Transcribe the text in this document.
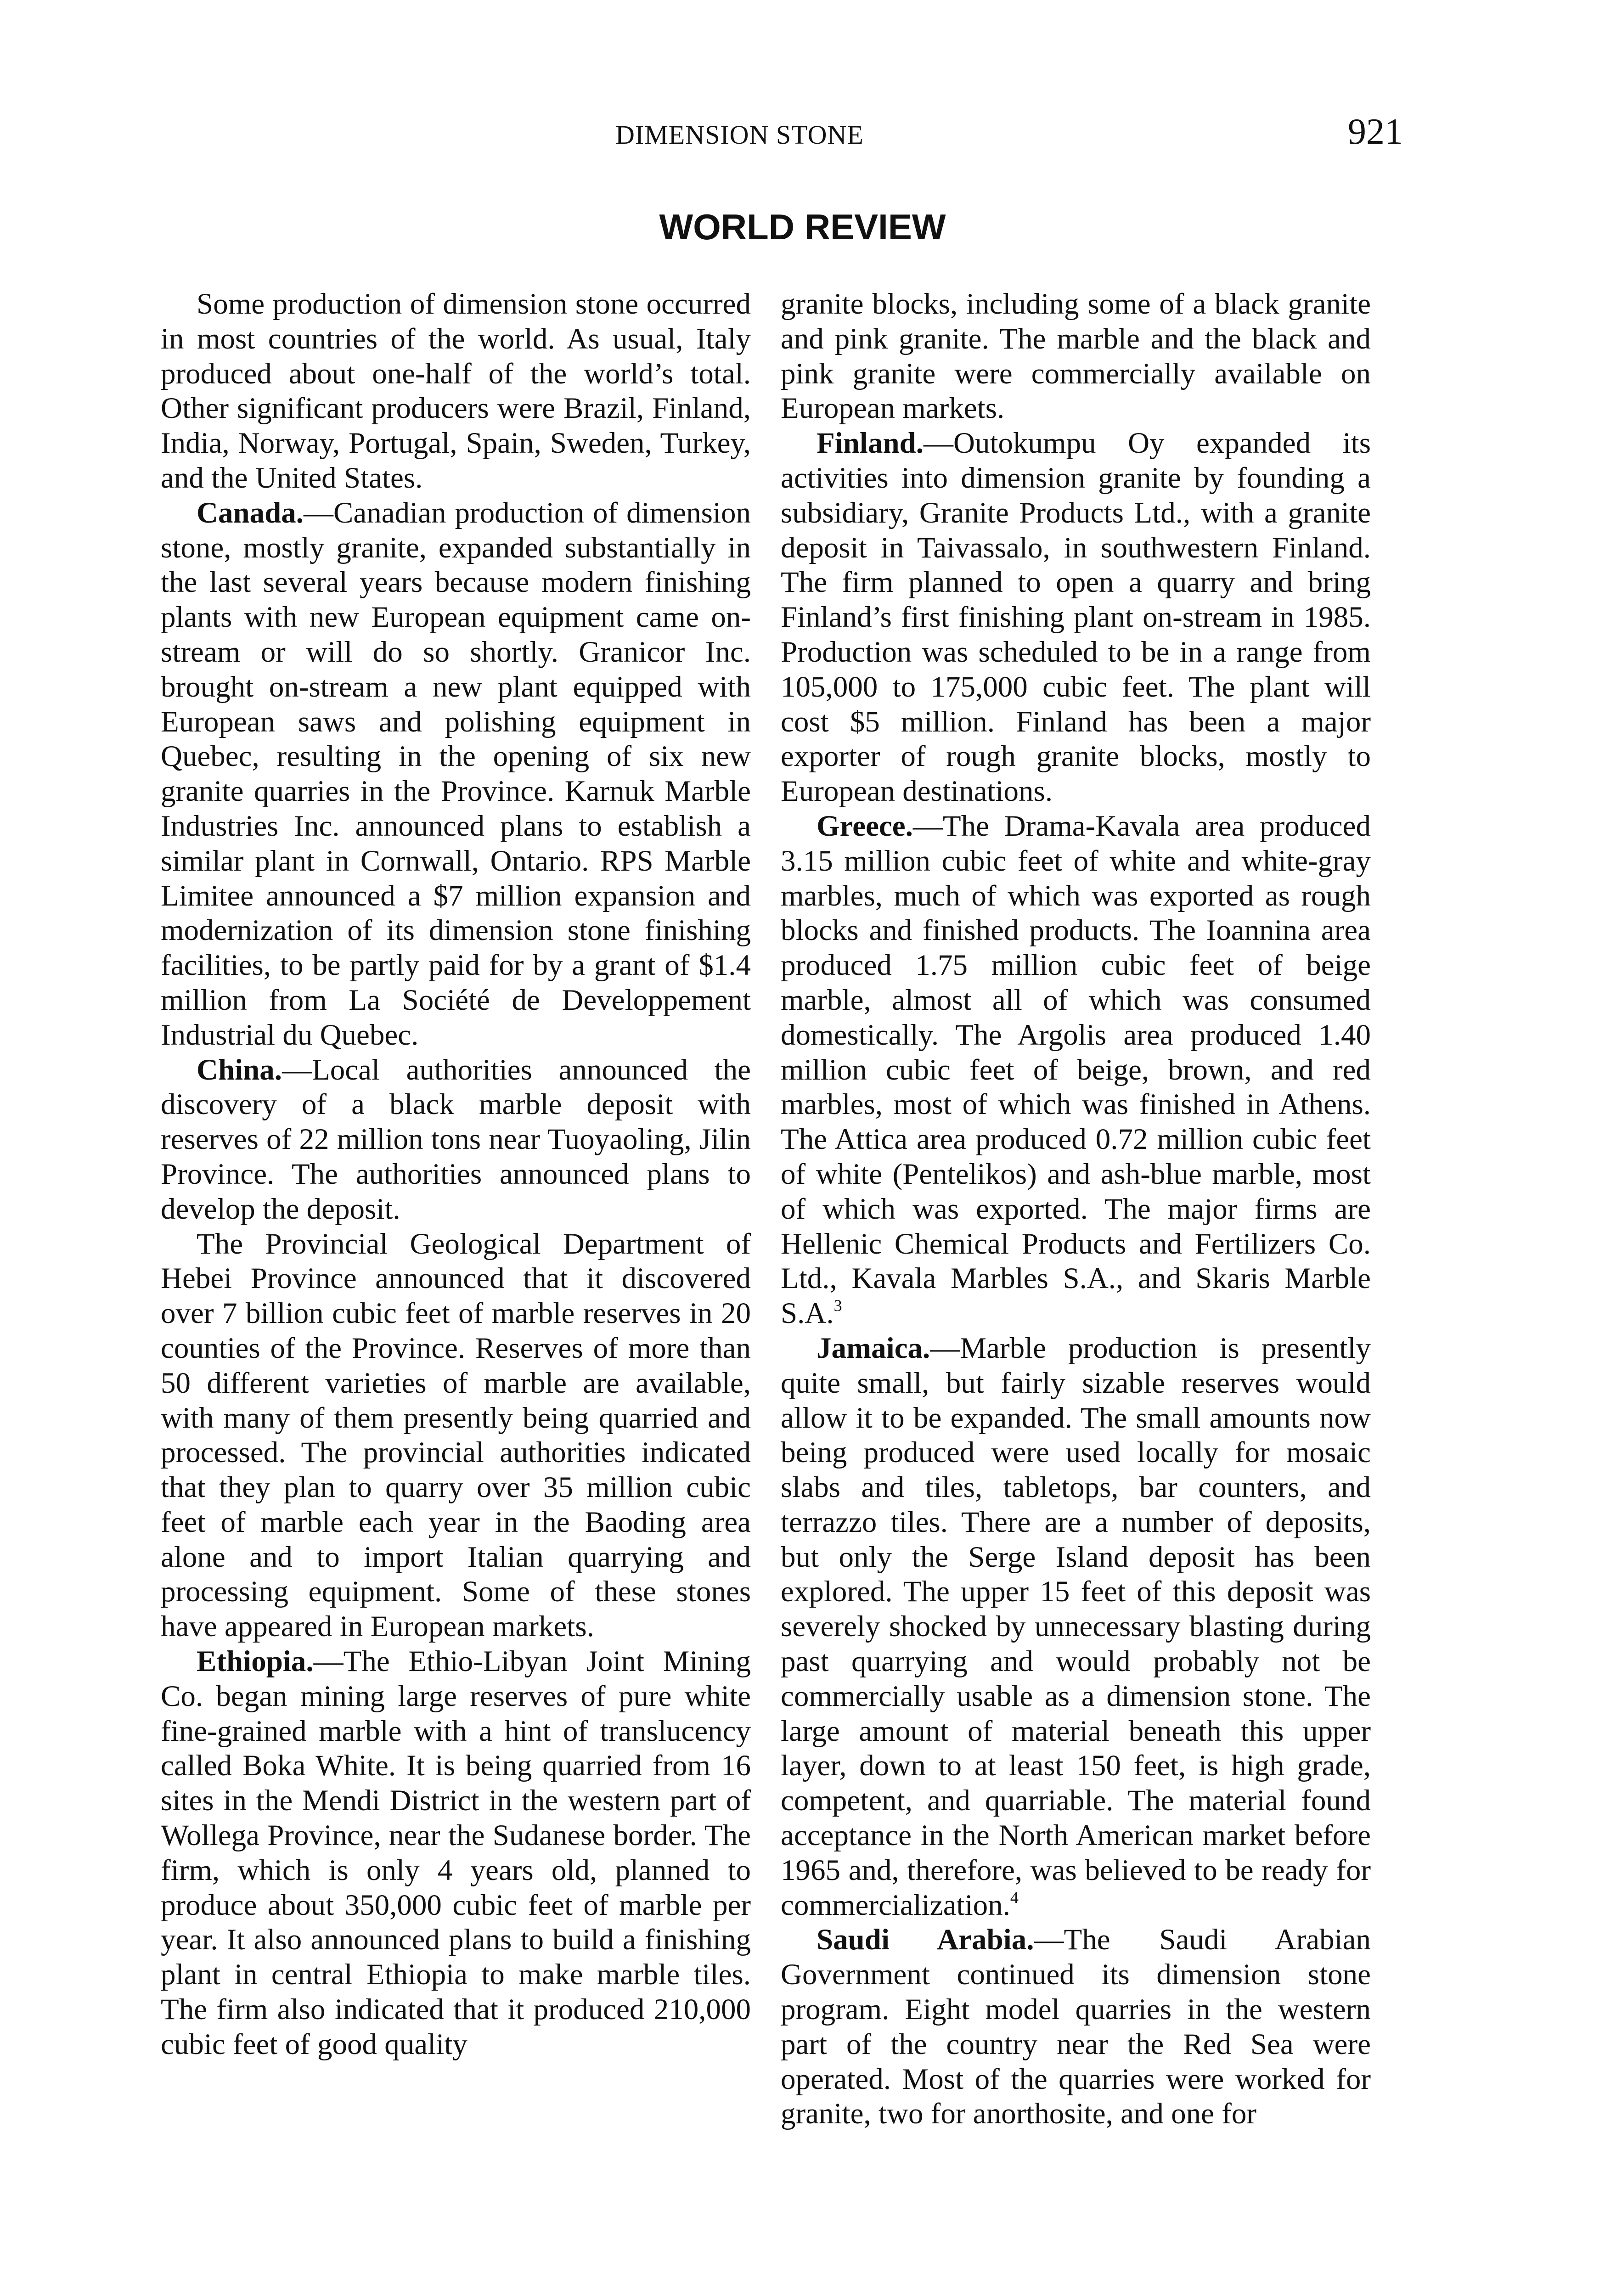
DIMENSION STONE	921
WORLD REVIEW

Some production of dimension stone occurred in most countries of the world. As usual, Italy produced about one-half of the world’s total. Other significant producers were Brazil, Finland, India, Norway, Portugal, Spain, Sweden, Turkey, and the United States.

Canada.—Canadian production of dimension stone, mostly granite, expanded substantially in the last several years because modern finishing plants with new European equipment came on-stream or will do so shortly. Granicor Inc. brought on-stream a new plant equipped with European saws and polishing equipment in Quebec, resulting in the opening of six new granite quarries in the Province. Karnuk Marble Industries Inc. announced plans to establish a similar plant in Cornwall, Ontario. RPS Marble Limitee announced a $7 million expansion and modernization of its dimension stone finishing facilities, to be partly paid for by a grant of $1.4 million from La Société de Developpement Industrial du Quebec.

China.—Local authorities announced the discovery of a black marble deposit with reserves of 22 million tons near Tuoyaoling, Jilin Province. The authorities announced plans to develop the deposit.

The Provincial Geological Department of Hebei Province announced that it discovered over 7 billion cubic feet of marble reserves in 20 counties of the Province. Reserves of more than 50 different varieties of marble are available, with many of them presently being quarried and processed. The provincial authorities indicated that they plan to quarry over 35 million cubic feet of marble each year in the Baoding area alone and to import Italian quarrying and processing equipment. Some of these stones have appeared in European markets.

Ethiopia.—The Ethio-Libyan Joint Mining Co. began mining large reserves of pure white fine-grained marble with a hint of translucency called Boka White. It is being quarried from 16 sites in the Mendi District in the western part of Wollega Province, near the Sudanese border. The firm, which is only 4 years old, planned to produce about 350,000 cubic feet of marble per year. It also announced plans to build a finishing plant in central Ethiopia to make marble tiles. The firm also indicated that it produced 210,000 cubic feet of good quality

granite blocks, including some of a black granite and pink granite. The marble and the black and pink granite were commercially available on European markets.

Finland.—Outokumpu Oy expanded its activities into dimension granite by founding a subsidiary, Granite Products Ltd., with a granite deposit in Taivassalo, in southwestern Finland. The firm planned to open a quarry and bring Finland’s first finishing plant on-stream in 1985. Production was scheduled to be in a range from 105,000 to 175,000 cubic feet. The plant will cost $5 million. Finland has been a major exporter of rough granite blocks, mostly to European destinations.

Greece.—The Drama-Kavala area produced 3.15 million cubic feet of white and white-gray marbles, much of which was exported as rough blocks and finished products. The Ioannina area produced 1.75 million cubic feet of beige marble, almost all of which was consumed domestically. The Argolis area produced 1.40 million cubic feet of beige, brown, and red marbles, most of which was finished in Athens. The Attica area produced 0.72 million cubic feet of white (Pentelikos) and ash-blue marble, most of which was exported. The major firms are Hellenic Chemical Products and Fertilizers Co. Ltd., Kavala Marbles S.A., and Skaris Marble S.A.$^3$

Jamaica.—Marble production is presently quite small, but fairly sizable reserves would allow it to be expanded. The small amounts now being produced were used locally for mosaic slabs and tiles, tabletops, bar counters, and terrazzo tiles. There are a number of deposits, but only the Serge Island deposit has been explored. The upper 15 feet of this deposit was severely shocked by unnecessary blasting during past quarrying and would probably not be commercially usable as a dimension stone. The large amount of material beneath this upper layer, down to at least 150 feet, is high grade, competent, and quarriable. The material found acceptance in the North American market before 1965 and, therefore, was believed to be ready for commercialization.$^4$

Saudi Arabia.—The Saudi Arabian Government continued its dimension stone program. Eight model quarries in the western part of the country near the Red Sea were operated. Most of the quarries were worked for granite, two for anorthosite, and one for
